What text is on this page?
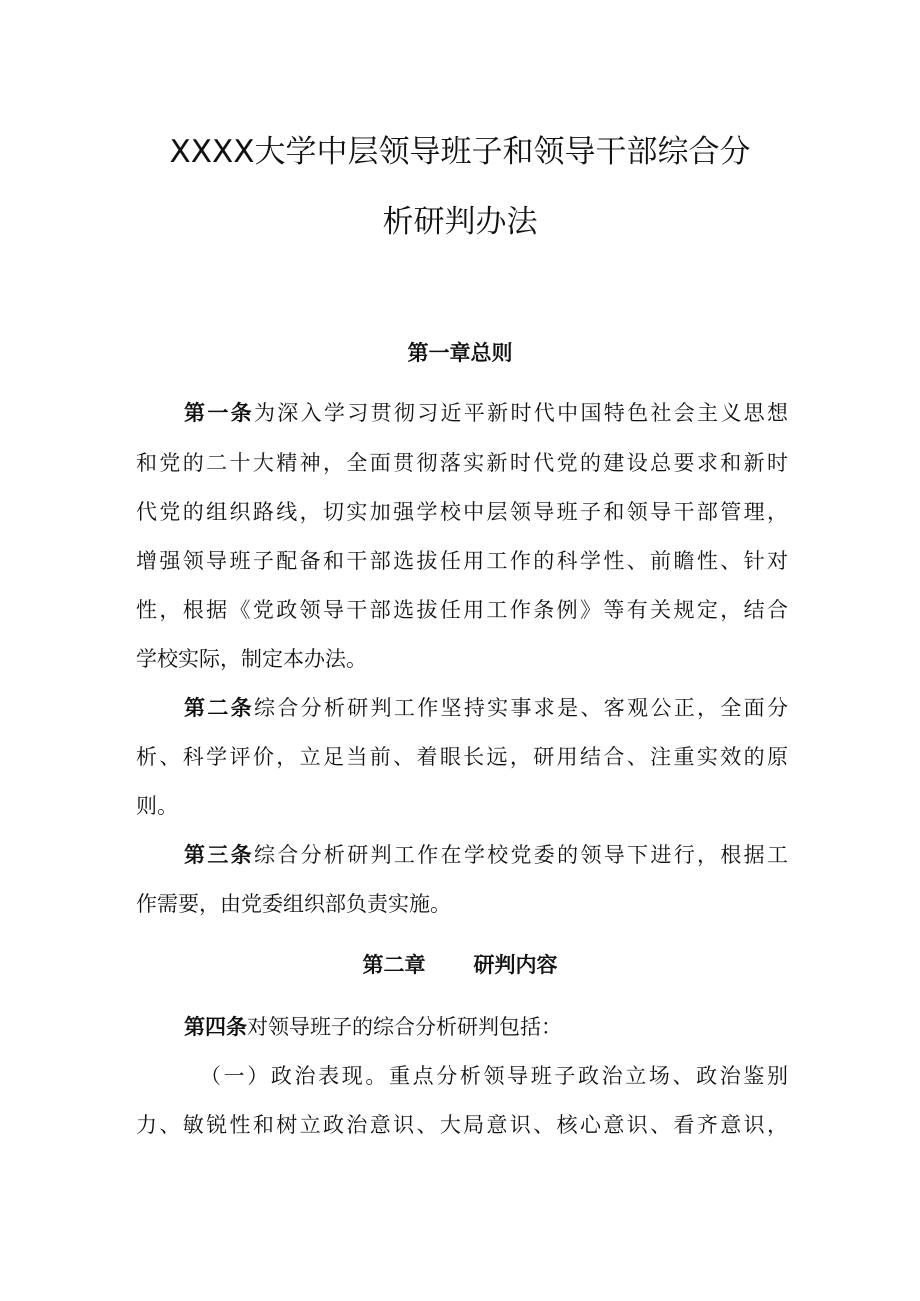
XXXX大学中层领导班子和领导干部综合分
析研判办法
第一章总则
第一条为深入学习贯彻习近平新时代中国特色社会主义思想
和党的二十大精神，全面贯彻落实新时代党的建设总要求和新时
代党的组织路线，切实加强学校中层领导班子和领导干部管理，
增强领导班子配备和干部选拔任用工作的科学性、前瞻性、针对
性，根据《党政领导干部选拔任用工作条例》等有关规定，结合
学校实际，制定本办法。
第二条综合分析研判工作坚持实事求是、客观公正，全面分
析、科学评价，立足当前、着眼长远，研用结合、注重实效的原
则。
第三条综合分析研判工作在学校党委的领导下进行，根据工
作需要，由党委组织部负责实施。
第二章 研判内容
第四条对领导班子的综合分析研判包括：
（一）政治表现。重点分析领导班子政治立场、政治鉴别
力、敏锐性和树立政治意识、大局意识、核心意识、看齐意识，
